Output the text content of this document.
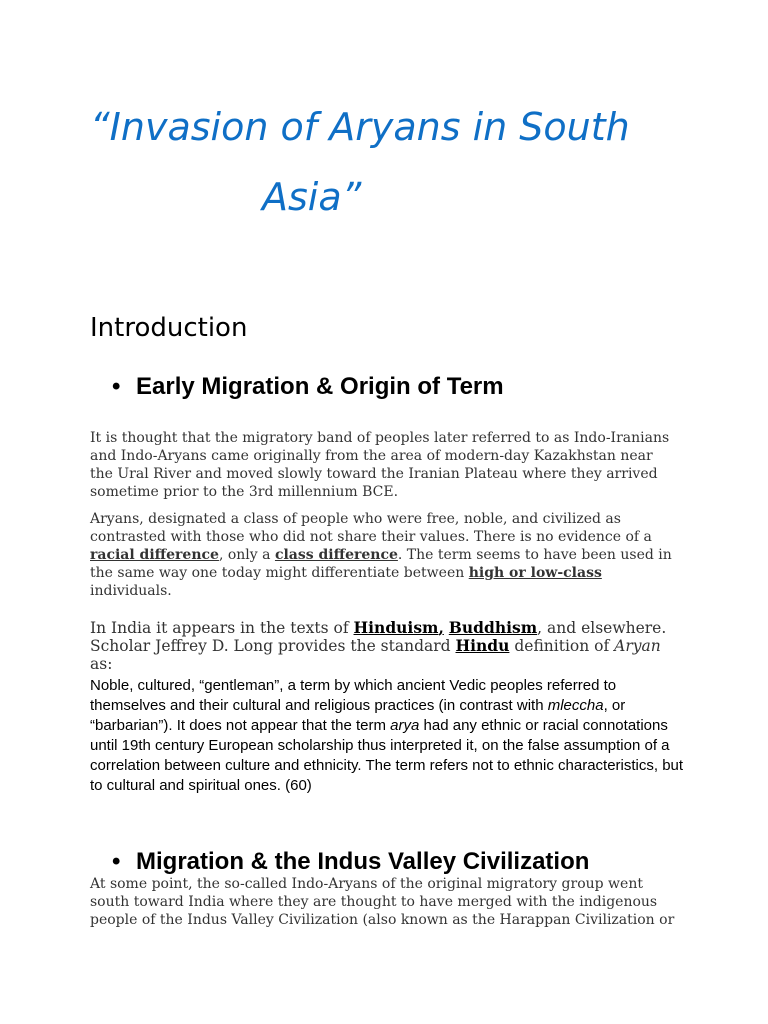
“Invasion of Aryans in South
Asia”
Introduction
• Early Migration & Origin of Term
It is thought that the migratory band of peoples later referred to as Indo-Iranians and Indo-Aryans came originally from the area of modern-day Kazakhstan near the Ural River and moved slowly toward the Iranian Plateau where they arrived sometime prior to the 3rd millennium BCE.
Aryans, designated a class of people who were free, noble, and civilized as contrasted with those who did not share their values. There is no evidence of a racial difference, only a class difference. The term seems to have been used in the same way one today might differentiate between high or low-class individuals.
In India it appears in the texts of Hinduism, Buddhism, and elsewhere. Scholar Jeffrey D. Long provides the standard Hindu definition of Aryan as:
Noble, cultured, “gentleman”, a term by which ancient Vedic peoples referred to themselves and their cultural and religious practices (in contrast with mlеccha, or “barbarian”). It does not appear that the term arya had any ethnic or racial connotations until 19th century European scholarship thus interpreted it, on the false assumption of a correlation between culture and ethnicity. The term refers not to ethnic characteristics, but to cultural and spiritual ones. (60)
• Migration & the Indus Valley Civilization
At some point, the so-called Indo-Aryans of the original migratory group went south toward India where they are thought to have merged with the indigenous people of the Indus Valley Civilization (also known as the Harappan Civilization or
